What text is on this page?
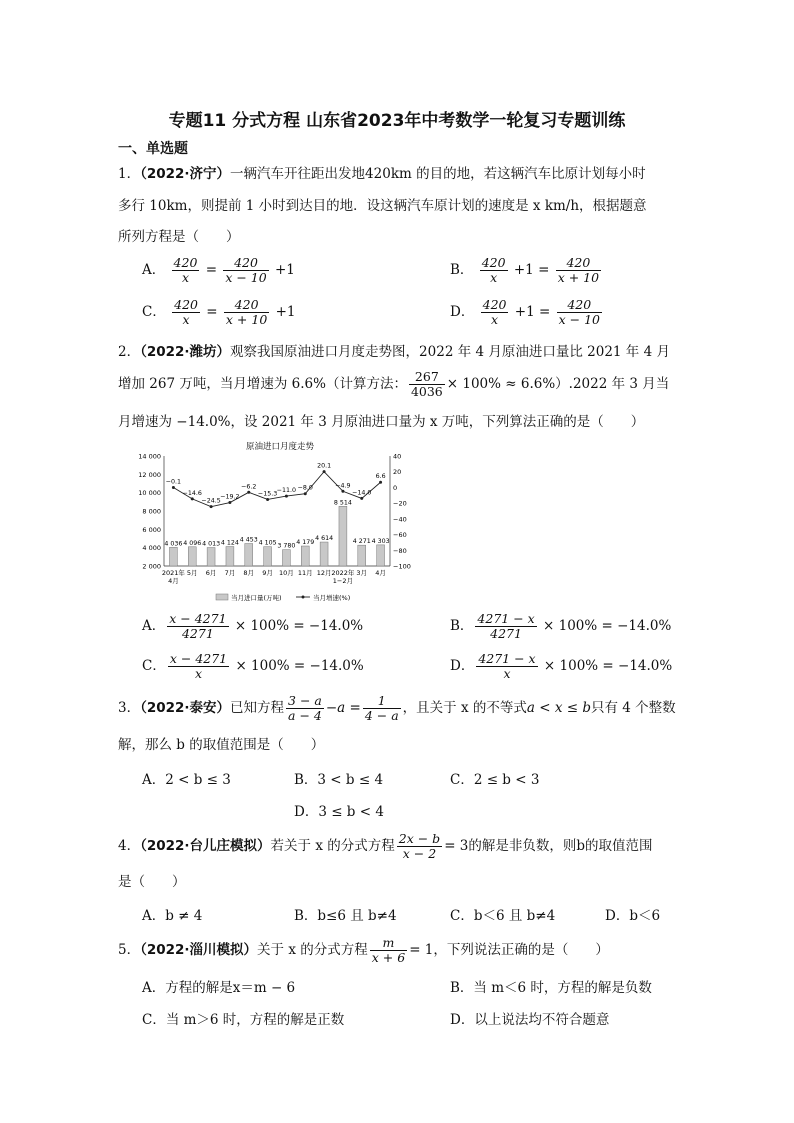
专题11 分式方程 山东省2023年中考数学一轮复习专题训练
一、单选题
1．（2022·济宁）一辆汽车开往距出发地420km 的目的地，若这辆汽车比原计划每小时
多行 10km，则提前 1 小时到达目的地．设这辆汽车原计划的速度是 x km/h，根据题意
所列方程是（　　）
A． $\frac{420}{x} = \frac{420}{x - 10} +1$	B． $\frac{420}{x} +1 = \frac{420}{x + 10}$
C． $\frac{420}{x} = \frac{420}{x + 10} +1$	D． $\frac{420}{x} +1 = \frac{420}{x - 10}$
2．（2022·潍坊）观察我国原油进口月度走势图，2022 年 4 月原油进口量比 2021 年 4 月
增加 267 万吨，当月增速为 6.6%（计算方法： $\frac{267}{4036} \times 100\% \approx 6.6\%).2022$ 年 3 月当
月增速为 −14.0%，设 2021 年 3 月原油进口量为 x 万吨，下列算法正确的是（　　）
原油进口月度走势
2 000
4 000
6 000
8 000
10 000
12 000
14 000
−100
−80
−60
−40
−20
0
20
40
4 036 4 096 4 013 4 124 4 453 4 105 3 780
4 179
4 614
8 514
4 271 4 303
−0.1
−14.6
−24.5
−19.2
−6.2
−15.3 −11.0 −8.0
20.1
−4.9
−14.0
6.6
2021年
4月
5月 6月 7月 8月 9月 10月 11月 12月 2022年
1−2月
3月 4月
当月进口量(万吨)	当月增速(%)
A． $\frac{x - 4271}{4271} \times 100\% = -14.0\%$	B． $\frac{4271 - x}{4271} \times 100\% = -14.0\%$
C． $\frac{x - 4271}{x} \times 100\% = -14.0\%$	D． $\frac{4271 - x}{x} \times 100\% = -14.0\%$
3．（2022·泰安）已知方程 $\frac{3 - a}{a - 4} -a = \frac{1}{4 - a}$ ，且关于 x 的不等式a < x ≤ b只有 4 个整数
解，那么 b 的取值范围是（　　）
A．2 < b ≤ 3	B．3 < b ≤ 4	C．2 ≤ b < 3
D．3 ≤ b < 4
4．（2022·台儿庄模拟）若关于 x 的分式方程 $\frac{2x - b}{x - 2} = 3$的解是非负数，则b的取值范围
是（　　）
A．b ≠ 4	B．b≤6 且 b≠4	C．b＜6 且 b≠4	D．b＜6
5．（2022·淄川模拟）关于 x 的分式方程 $\frac{m}{x + 6} = 1$，下列说法正确的是（　　）
A．方程的解是x＝m − 6	B．当 m＜6 时，方程的解是负数
C．当 m＞6 时，方程的解是正数	D．以上说法均不符合题意
